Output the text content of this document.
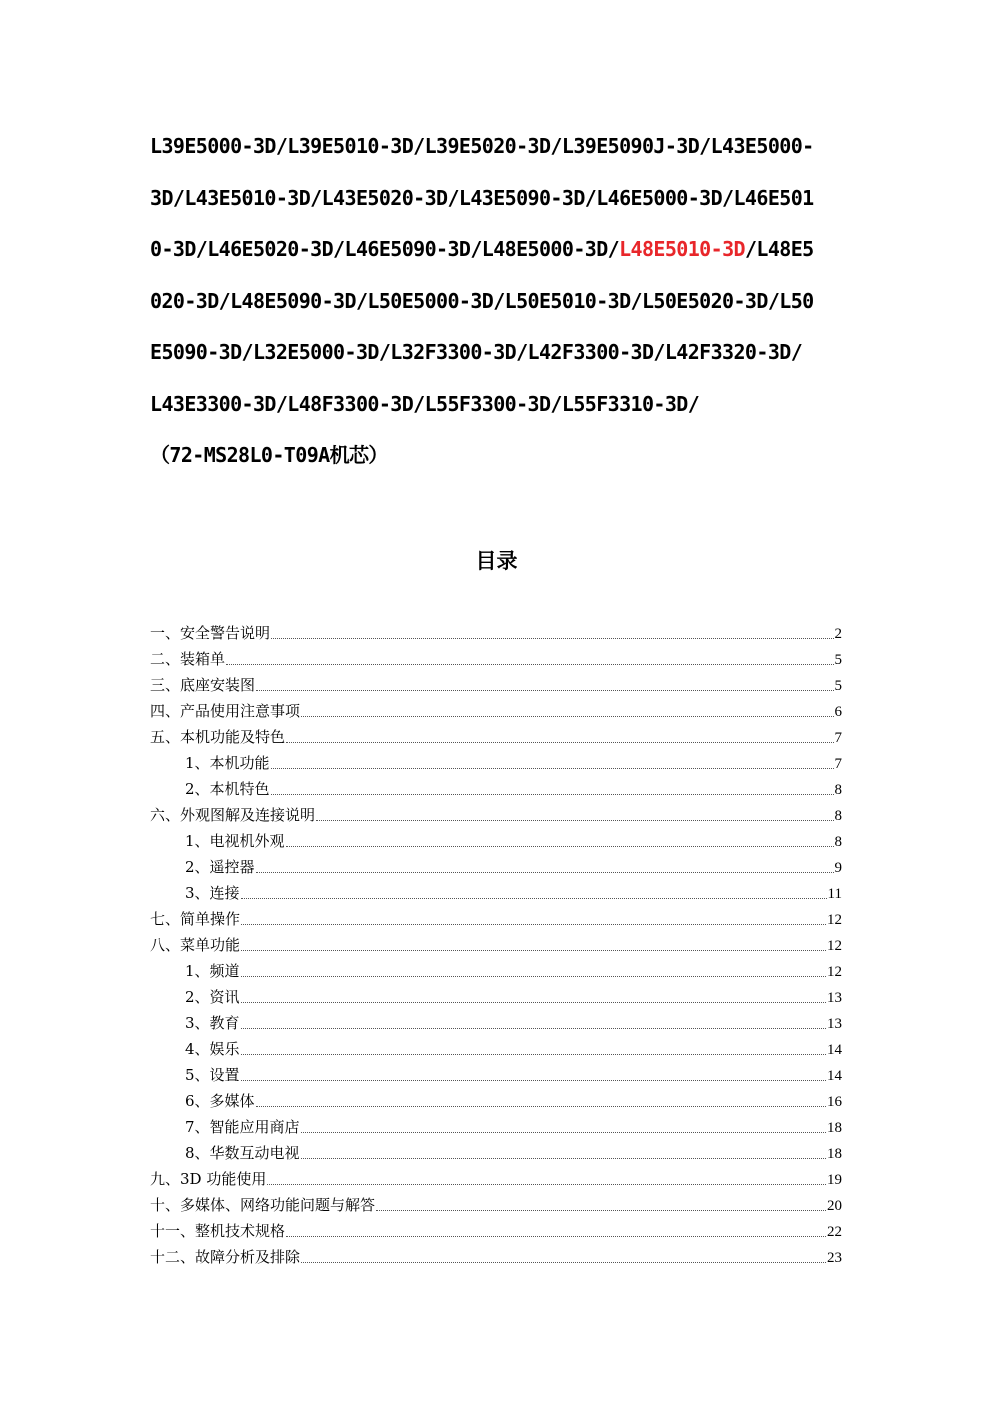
L39E5000-3D/L39E5010-3D/L39E5020-3D/L39E5090J-3D/L43E5000-
3D/L43E5010-3D/L43E5020-3D/L43E5090-3D/L46E5000-3D/L46E501
0-3D/L46E5020-3D/L46E5090-3D/L48E5000-3D/L48E5010-3D/L48E5
020-3D/L48E5090-3D/L50E5000-3D/L50E5010-3D/L50E5020-3D/L50
E5090-3D/L32E5000-3D/L32F3300-3D/L42F3300-3D/L42F3320-3D/
L43E3300-3D/L48F3300-3D/L55F3300-3D/L55F3310-3D/
（72-MS28L0-T09A机芯）
目录
一、安全警告说明	2
二、装箱单	5
三、底座安装图	5
四、产品使用注意事项	6
五、本机功能及特色	7
1、本机功能	7
2、本机特色	8
六、外观图解及连接说明	8
1、电视机外观	8
2、遥控器	9
3、连接	11
七、简单操作	12
八、菜单功能	12
1、频道	12
2、资讯	13
3、教育	13
4、娱乐	14
5、设置	14
6、多媒体	16
7、智能应用商店	18
8、华数互动电视	18
九、3D 功能使用	19
十、多媒体、网络功能问题与解答	20
十一、整机技术规格	22
十二、故障分析及排除	23
